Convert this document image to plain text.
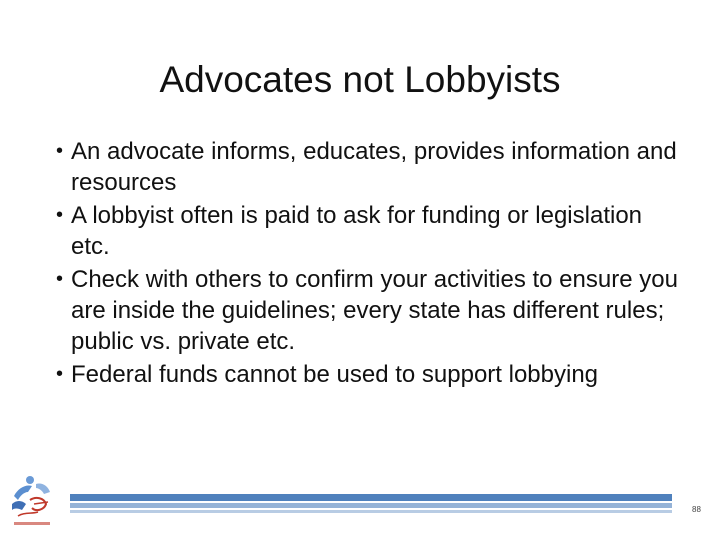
Advocates not Lobbyists
• An advocate informs, educates, provides information and resources
• A lobbyist often is paid to ask for funding or legislation etc.
• Check with others to confirm your activities to ensure you are inside the guidelines; every state has different rules; public vs. private etc.
• Federal funds cannot be used to support lobbying
88
